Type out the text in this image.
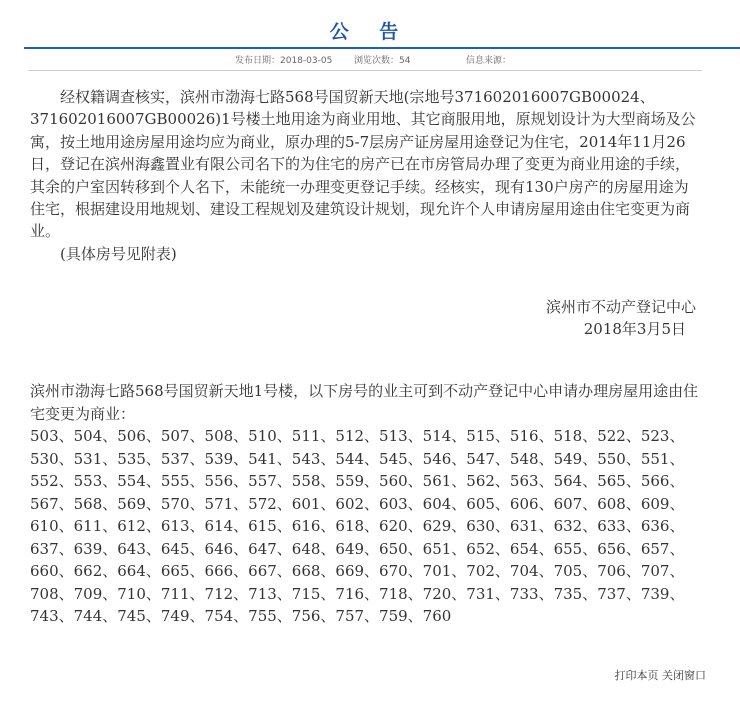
公 告
发布日期：2018-03-05 浏览次数：54	信息来源：

经权籍调查核实，滨州市渤海七路568号国贸新天地(宗地号371602016007GB00024、371602016007GB00026)1号楼土地用途为商业用地、其它商服用地，原规划设计为大型商场及公寓，按土地用途房屋用途均应为商业，原办理的5-7层房产证房屋用途登记为住宅，2014年11月26日，登记在滨州海鑫置业有限公司名下的为住宅的房产已在市房管局办理了变更为商业用途的手续，其余的户室因转移到个人名下，未能统一办理变更登记手续。经核实，现有130户房产的房屋用途为住宅，根据建设用地规划、建设工程规划及建筑设计规划，现允许个人申请房屋用途由住宅变更为商业。

(具体房号见附表)

滨州市不动产登记中心
2018年3月5日

滨州市渤海七路568号国贸新天地1号楼，以下房号的业主可到不动产登记中心申请办理房屋用途由住宅变更为商业：

503、504、506、507、508、510、511、512、513、514、515、516、518、522、523、530、531、535、537、539、541、543、544、545、546、547、548、549、550、551、552、553、554、555、556、557、558、559、560、561、562、563、564、565、566、567、568、569、570、571、572、601、602、603、604、605、606、607、608、609、610、611、612、613、614、615、616、618、620、629、630、631、632、633、636、637、639、643、645、646、647、648、649、650、651、652、654、655、656、657、660、662、664、665、666、667、668、669、670、701、702、704、705、706、707、708、709、710、711、712、713、715、716、718、720、731、733、735、737、739、743、744、745、749、754、755、756、757、759、760

打印本页 关闭窗口
